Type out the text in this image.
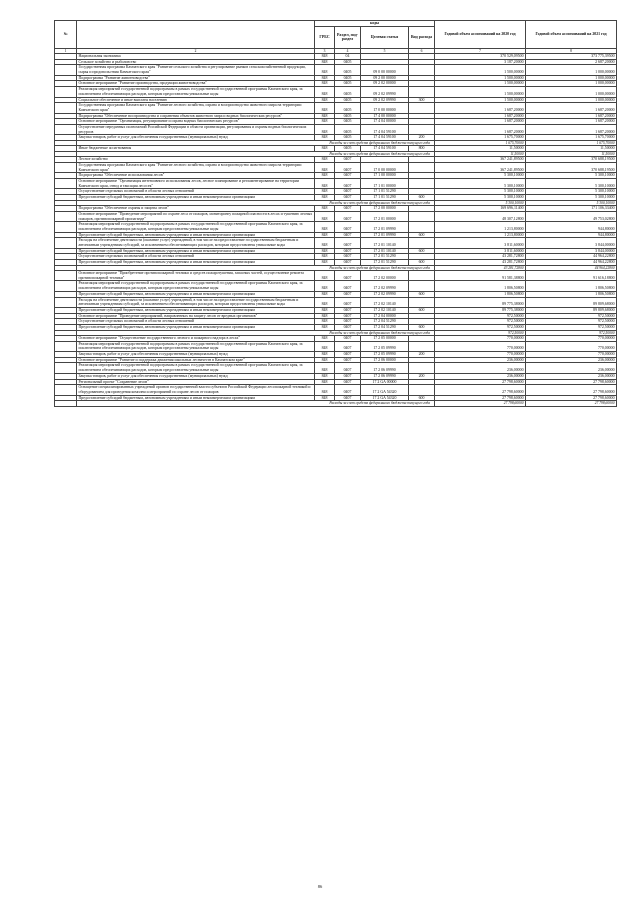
№		коды				Годовой объем ассигнований на 2020 год	Годовой объем ассигнований на 2021 год
		ГРБС	Раздел, под-раздел	Целевая статья	Вид расхода		
1	2	3	4	5	6	7	8
	Национальная экономика	848	04			370 529,09500	373 775,39500
	Сельское хозяйство и рыболовство	848	0405			3 187,20000	2 687,20000
	Государственная программа Камчатского края "Развитие сельского хозяйства и регулирование рынков сельскохозяйственной продукции, сырья и продовольствия Камчатского края"	848	0405	09 0 00 00000		1 500,00000	1 000,00000
	Подпрограмма "Развитие животноводства"	848	0405	09 2 00 00000		1 500,00000	1 000,00000
	Основное мероприятие "Развитие производства, продукции животноводства"	848	0405	09 2 02 00000		1 500,00000	1 000,00000
	Реализация мероприятий государственной подпрограммы в рамках государственной государственной программы Камчатского края, за исключением обеспечивающих расходов, которым предоставлены уникальные коды	848	0405	09 2 02 09990		1 500,00000	1 000,00000
	Социальное обеспечение и иные выплаты населению	848	0405	09 2 02 09990	300	1 500,00000	1 000,00000
	Государственная программа Камчатского края "Развитие лесного хозяйства, охрана и воспроизводство животного мира на территории Камчатского края"	848	0405	17 0 00 00000		1 687,20000	1 687,20000
	Подпрограмма "Обеспечение воспроизводства и сохранения объектов животного мира и водных биологических ресурсов"	848	0405	17 4 00 00000		1 687,20000	1 687,20000
	Основное мероприятие "Организация, регулирование и охрана водных биологических ресурсов"	848	0405	17 4 04 00000		1 687,20000	1 687,20000
	Осуществление переданных полномочий Российской Федерации в области организации, регулирования и охраны водных биологических ресурсов	848	0405	17 4 04 59100		1 687,20000	1 687,20000
	Закупка товаров, работ и услуг для обеспечения государственных (муниципальных) нужд	848	0405	17 4 04 59100	200	1 675,70000	1 675,70000
	Расходы за счет средств федерального бюджета текущего года					1 675,70000	1 675,70000
	Иные бюджетные ассигнования	848	0405	17 4 04 59100	800	11,50000	11,50000
	Расходы за счет средств федерального бюджета текущего года					11,50000	11,50000
	Лесное хозяйство	848	0407			367 241,89500	370 688,19500
	Государственная программа Камчатского края "Развитие лесного хозяйства, охрана и воспроизводство животного мира на территории Камчатского края"	848	0407	17 0 00 00000		367 241,89500	370 688,19500
	Подпрограмма "Обеспечение использования лесов"	848	0407	17 1 00 00000		5 300,10000	5 300,10000
	Основное мероприятие "Организация интенсивного использования лесов, лесное планирование и регламентирование на территории Камчатского края, отвод и таксация лесосек"	848	0407	17 1 01 00000		5 300,10000	5 300,10000
	Осуществление отдельных полномочий в области лесных отношений	848	0407	17 1 01 51290		5 300,10000	5 300,10000
	Предоставление субсидий бюджетным, автономным учреждениям и иным некоммерческим организациям	848	0407	17 1 01 51290	600	5 300,10000	5 300,10000
	Расходы за счет средств федерального бюджета текущего года					5 300,10000	5 300,10000
	Подпрограмма "Обеспечение охраны и защиты лесов"	848	0407	17 2 00 00000		169 696,11400	171 106,33400
	Основное мероприятие "Проведение мероприятий по охране леса от пожаров, мониторингу пожарной опасности в лесах и тушению лесных пожаров, противопожарной пропаганде"	848	0407	17 2 01 00000		48 307,12800	49 753,02800
	Реализация мероприятий государственной подпрограммы в рамках государственной государственной программы Камчатского края, за исключением обеспечивающих расходов, которым предоставлены уникальные коды	848	0407	17 2 01 09990		1 213,80000	944,80000
	Предоставление субсидий бюджетным, автономным учреждениям и иным некоммерческим организациям	848	0407	17 2 01 09990	600	1 213,80000	944,80000
	Расходы на обеспечение деятельности (оказание услуг) учреждений, в том числе на предоставление государственным бюджетным и автономным учреждениям субсидий, за исключением обеспечивающих расходов, которым предоставлены уникальные коды	848	0407	17 2 01 10140		3 811,60000	3 844,00000
	Предоставление субсидий бюджетным, автономным учреждениям и иным некоммерческим организациям	848	0407	17 2 01 10140	600	3 811,60000	3 844,00000
	Осуществление отдельных полномочий в области лесных отношений	848	0407	17 2 01 51290		43 281,72800	44 964,22800
	Предоставление субсидий бюджетным, автономным учреждениям и иным некоммерческим организациям	848	0407	17 2 01 51290	600	43 281,72800	44 964,22800
	Расходы за счет средств федерального бюджета текущего года					43 281,72800	44 964,22800
	Основное мероприятие "Приобретение противопожарной техники и средств пожаротушения, запасных частей, осуществление ремонта противопожарной техники"	848	0407	17 2 02 00000		91 581,38800	91 616,18800
	Реализация мероприятий государственной подпрограммы в рамках государственной государственной программы Камчатского края, за исключением обеспечивающих расходов, которым предоставлены уникальные коды	848	0407	17 2 02 09990		1 806,50800	1 806,50800
	Предоставление субсидий бюджетным, автономным учреждениям и иным некоммерческим организациям	848	0407	17 2 02 09990	600	1 806,50800	1 806,50800
	Расходы на обеспечение деятельности (оказание услуг) учреждений, в том числе на предоставление государственным бюджетным и автономным учреждениям субсидий, за исключением обеспечивающих расходов, которым предоставлены уникальные коды	848	0407	17 2 02 10140		89 775,38000	89 809,68000
	Предоставление субсидий бюджетным, автономным учреждениям и иным некоммерческим организациям	848	0407	17 2 02 10140	600	89 775,38000	89 809,68000
	Основное мероприятие "Проведение мероприятий, направленных на защиту лесов от вредных организмов"	848	0407	17 2 04 00000		972,50000	972,50000
	Осуществление отдельных полномочий в области лесных отношений	848	0407	17 2 04 51290		972,50000	972,50000
	Предоставление субсидий бюджетным, автономным учреждениям и иным некоммерческим организациям	848	0407	17 2 04 51290	600	972,50000	972,50000
	Расходы за счет средств федерального бюджета текущего года					972,50000	972,50000
	Основное мероприятие "Осуществление государственного лесного и пожарного надзора в лесах"	848	0407	17 2 05 00000		770,00000	770,00000
	Реализация мероприятий государственной подпрограммы в рамках государственной государственной программы Камчатского края, за исключением обеспечивающих расходов, которым предоставлены уникальные коды	848	0407	17 2 05 09990		770,00000	770,00000
	Закупка товаров, работ и услуг для обеспечения государственных (муниципальных) нужд	848	0407	17 2 05 09990	200	770,00000	770,00000
	Основное мероприятие "Развитие и поддержка движения школьных лесничеств в Камчатском крае"	848	0407	17 2 06 00000		236,00000	236,00000
	Реализация мероприятий государственной подпрограммы в рамках государственной государственной программы Камчатского края, за исключением обеспечивающих расходов, которым предоставлены уникальные коды	848	0407	17 2 06 09990		236,00000	236,00000
	Закупка товаров, работ и услуг для обеспечения государственных (муниципальных) нужд	848	0407	17 2 06 09990	200	236,00000	236,00000
	Региональный проект "Сохранение лесов"	848	0407	17 2 GA 00000		27 798,60000	27 798,60000
	Оснащение специализированных учреждений органов государственной власти субъектов Российской Федерации лесопожарной техникой и оборудованием для проведения комплекса мероприятий по охране лесов от пожаров	848	0407	17 2 GA 54320		27 798,60000	27 798,60000
	Предоставление субсидий бюджетным, автономным учреждениям и иным некоммерческим организациям	848	0407	17 2 GA 54320	600	27 798,60000	27 798,60000
	Расходы за счет средств федерального бюджета текущего года					27 798,60000	27 798,60000
86
